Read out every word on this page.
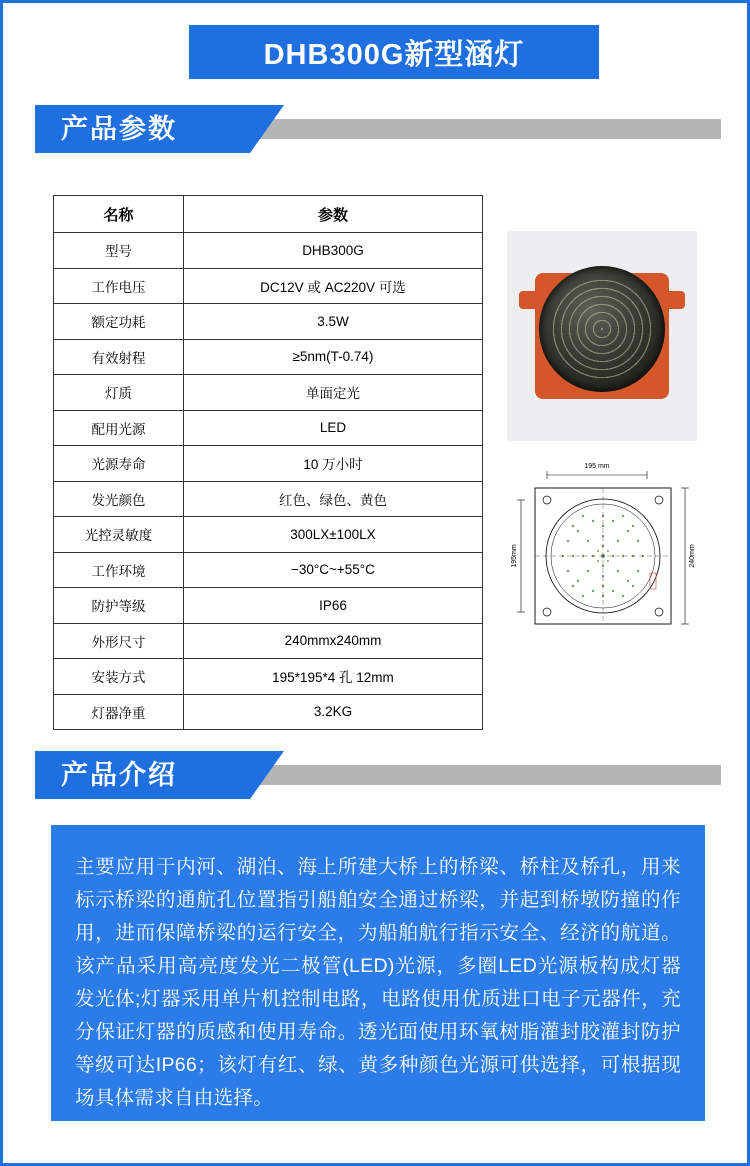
DHB300G新型涵灯
产品参数
名称	参数
型号	DHB300G
工作电压	DC12V 或 AC220V 可选
额定功耗	3.5W
有效射程	≥5nm(T-0.74)
灯质	单面定光
配用光源	LED
光源寿命	10 万小时
发光颜色	红色、绿色、黄色
光控灵敏度	300LX±100LX
工作环境	−30°C~+55°C
防护等级	IP66
外形尺寸	240mmx240mm
安装方式	195*195*4 孔 12mm
灯器净重	3.2KG
195 mm
195mm	240mm
产品介绍

主要应用于内河、湖泊、海上所建大桥上的桥梁、桥柱及桥孔，用来标示桥梁的通航孔位置指引船舶安全通过桥梁，并起到桥墩防撞的作用，进而保障桥梁的运行安全，为船舶航行指示安全、经济的航道。该产品采用高亮度发光二极管(LED)光源，多圈LED光源板构成灯器发光体;灯器采用单片机控制电路，电路使用优质进口电子元器件，充分保证灯器的质感和使用寿命。透光面使用环氧树脂灌封胶灌封防护等级可达IP66；该灯有红、绿、黄多种颜色光源可供选择，可根据现场具体需求自由选择。
